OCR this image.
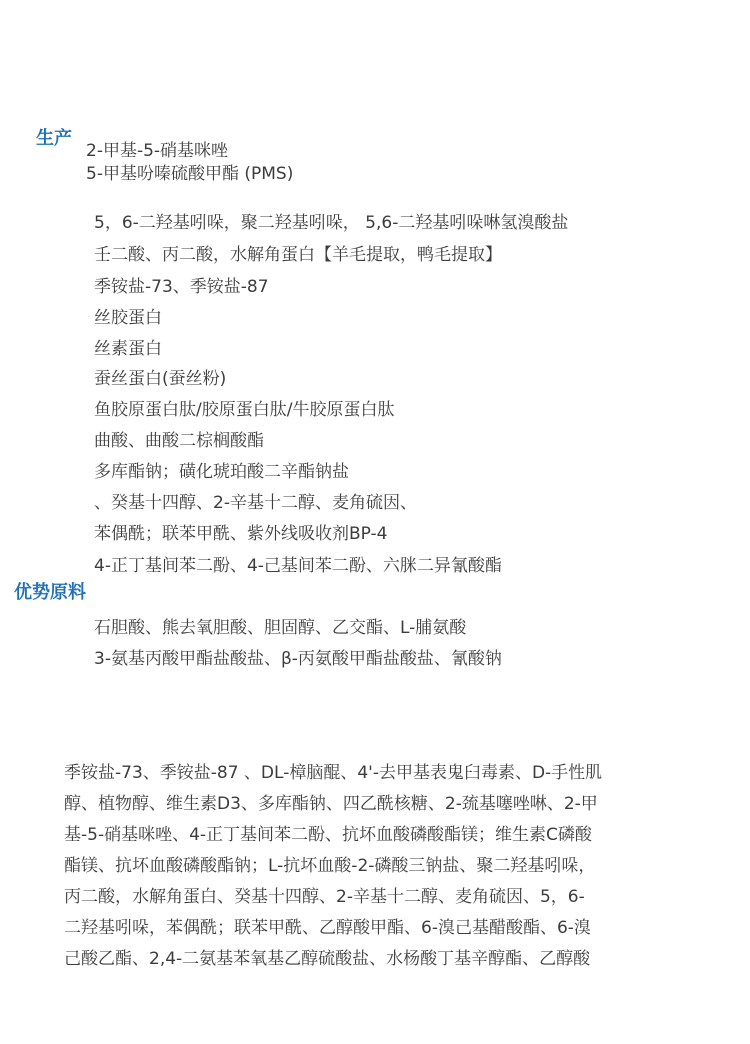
生产

2-甲基-5-硝基咪唑

5-甲基吩嗪硫酸甲酯 (PMS)

5，6-二羟基吲哚，聚二羟基吲哚， 5,6-二羟基吲哚啉氢溴酸盐

壬二酸、丙二酸，水解角蛋白【羊毛提取，鸭毛提取】

季铵盐-73、季铵盐-87

丝胶蛋白

丝素蛋白

蚕丝蛋白(蚕丝粉)

鱼胶原蛋白肽/胶原蛋白肽/牛胶原蛋白肽

曲酸、曲酸二棕榈酸酯

多库酯钠；磺化琥珀酸二辛酯钠盐

、癸基十四醇、2-辛基十二醇、麦角硫因、

苯偶酰；联苯甲酰、紫外线吸收剂BP-4

4-正丁基间苯二酚、4-己基间苯二酚、六脒二异氰酸酯

优势原料

石胆酸、熊去氧胆酸、胆固醇、乙交酯、L-脯氨酸

3-氨基丙酸甲酯盐酸盐、β-丙氨酸甲酯盐酸盐、氰酸钠

季铵盐-73、季铵盐-87 、DL-樟脑醌、4'-去甲基表鬼臼毒素、D-手性肌
醇、植物醇、维生素D3、多库酯钠、四乙酰核糖、2-巯基噻唑啉、2-甲
基-5-硝基咪唑、4-正丁基间苯二酚、抗坏血酸磷酸酯镁；维生素C磷酸
酯镁、抗坏血酸磷酸酯钠；L-抗坏血酸-2-磷酸三钠盐、聚二羟基吲哚，
丙二酸，水解角蛋白、癸基十四醇、2-辛基十二醇、麦角硫因、5，6-
二羟基吲哚，苯偶酰；联苯甲酰、乙醇酸甲酯、6-溴己基醋酸酯、6-溴
己酸乙酯、2,4-二氨基苯氧基乙醇硫酸盐、水杨酸丁基辛醇酯、乙醇酸
